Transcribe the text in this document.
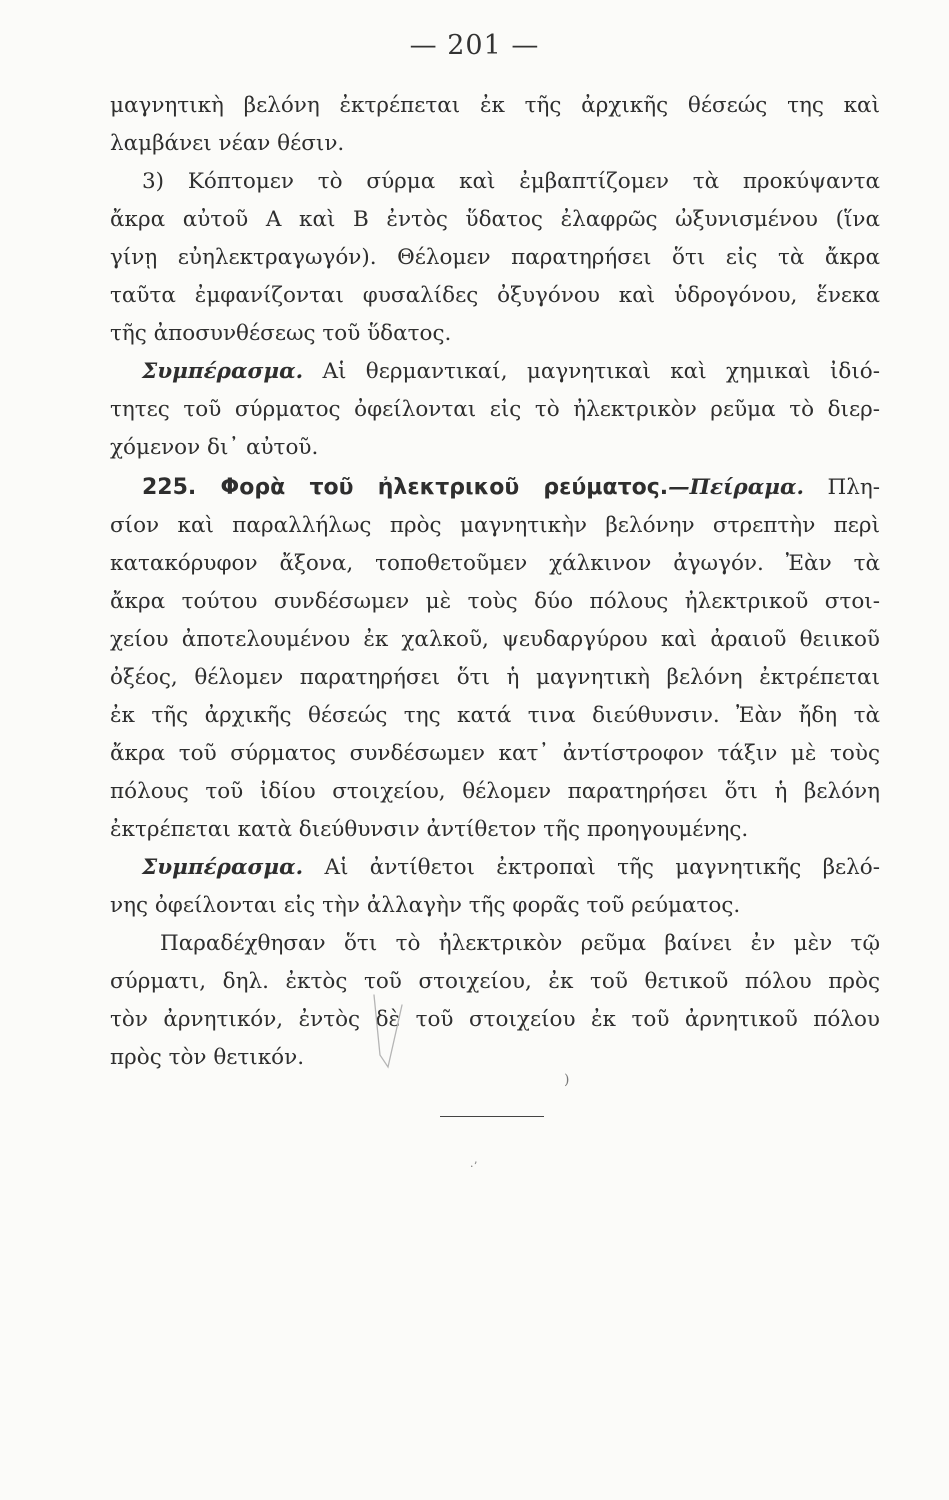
— 201 —
μαγνητικὴ βελόνη ἐκτρέπεται ἐκ τῆς ἀρχικῆς θέσεώς της καὶ
λαμβάνει νέαν θέσιν.
3) Κόπτομεν τὸ σύρμα καὶ ἐμβαπτίζομεν τὰ προκύψαντα
ἄκρα αὐτοῦ Α καὶ Β ἐντὸς ὕδατος ἐλαφρῶς ὠξυνισμένου (ἵνα
γίνῃ εὐηλεκτραγωγόν). Θέλομεν παρατηρήσει ὅτι εἰς τὰ ἄκρα
ταῦτα ἐμφανίζονται φυσαλίδες ὀξυγόνου καὶ ὑδρογόνου, ἕνεκα
τῆς ἀποσυνθέσεως τοῦ ὕδατος.
Συμπέρασμα. Αἱ θερμαντικαί, μαγνητικαὶ καὶ χημικαὶ ἰδιό-
τητες τοῦ σύρματος ὀφείλονται εἰς τὸ ἠλεκτρικὸν ρεῦμα τὸ διερ-
χόμενον δι᾽ αὐτοῦ.
225. Φορὰ τοῦ ἠλεκτρικοῦ ρεύματος.—Πείραμα. Πλη-
σίον καὶ παραλλήλως πρὸς μαγνητικὴν βελόνην στρεπτὴν περὶ
κατακόρυφον ἄξονα, τοποθετοῦμεν χάλκινον ἀγωγόν. Ἐὰν τὰ
ἄκρα τούτου συνδέσωμεν μὲ τοὺς δύο πόλους ἠλεκτρικοῦ στοι-
χείου ἀποτελουμένου ἐκ χαλκοῦ, ψευδαργύρου καὶ ἀραιοῦ θειικοῦ
ὀξέος, θέλομεν παρατηρήσει ὅτι ἡ μαγνητικὴ βελόνη ἐκτρέπεται
ἐκ τῆς ἀρχικῆς θέσεώς της κατά τινα διεύθυνσιν. Ἐὰν ἤδη τὰ
ἄκρα τοῦ σύρματος συνδέσωμεν κατ᾽ ἀντίστροφον τάξιν μὲ τοὺς
πόλους τοῦ ἰδίου στοιχείου, θέλομεν παρατηρήσει ὅτι ἡ βελόνη
ἐκτρέπεται κατὰ διεύθυνσιν ἀντίθετον τῆς προηγουμένης.
Συμπέρασμα. Αἱ ἀντίθετοι ἐκτροπαὶ τῆς μαγνητικῆς βελό-
νης ὀφείλονται εἰς τὴν ἀλλαγὴν τῆς φορᾶς τοῦ ρεύματος.
Παραδέχθησαν ὅτι τὸ ἠλεκτρικὸν ρεῦμα βαίνει ἐν μὲν τῷ
σύρματι, δηλ. ἐκτὸς τοῦ στοιχείου, ἐκ τοῦ θετικοῦ πόλου πρὸς
τὸν ἀρνητικόν, ἐντὸς δὲ τοῦ στοιχείου ἐκ τοῦ ἀρνητικοῦ πόλου
πρὸς τὸν θετικόν.
)
·ʼ
